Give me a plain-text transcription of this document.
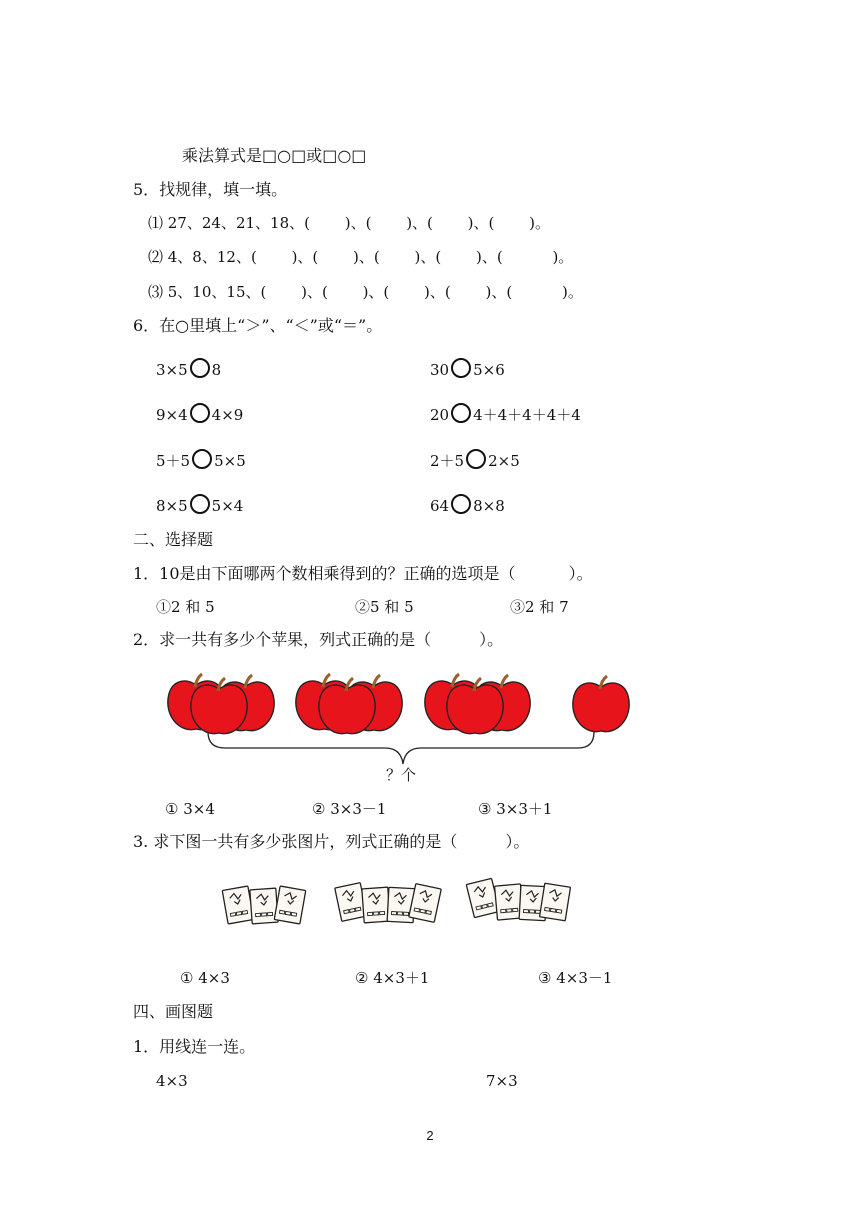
乘法算式是□○□或□○□
5．找规律，填一填。
⑴ 27、24、21、18、(　　 )、(　　 )、(　　 )、(　　 )。
⑵ 4、8、12、(　　 )、(　　 )、(　　 )、(　　 )、(　　 　)。
⑶ 5、10、15、(　　 )、(　　 )、(　　 )、(　　 )、(　　 　)。
6．在○里填上“＞”、“＜”或“＝”。
3×5 8	30 5×6
9×4 4×9	20 4＋4＋4＋4＋4
5＋5 5×5	2＋5 2×5
8×5 5×4	64 8×8
二、选择题
1．10是由下面哪两个数相乘得到的？正确的选项是（　　　 ）。
①2 和 5	②5 和 5	③2 和 7
2．求一共有多少个苹果，列式正确的是（　　　）。
？个
① 3×4	② 3×3－1	③ 3×3＋1
3. 求下图一共有多少张图片，列式正确的是（　　　）。
① 4×3	② 4×3＋1	③ 4×3－1
四、画图题
1．用线连一连。
4×3	7×3
2
